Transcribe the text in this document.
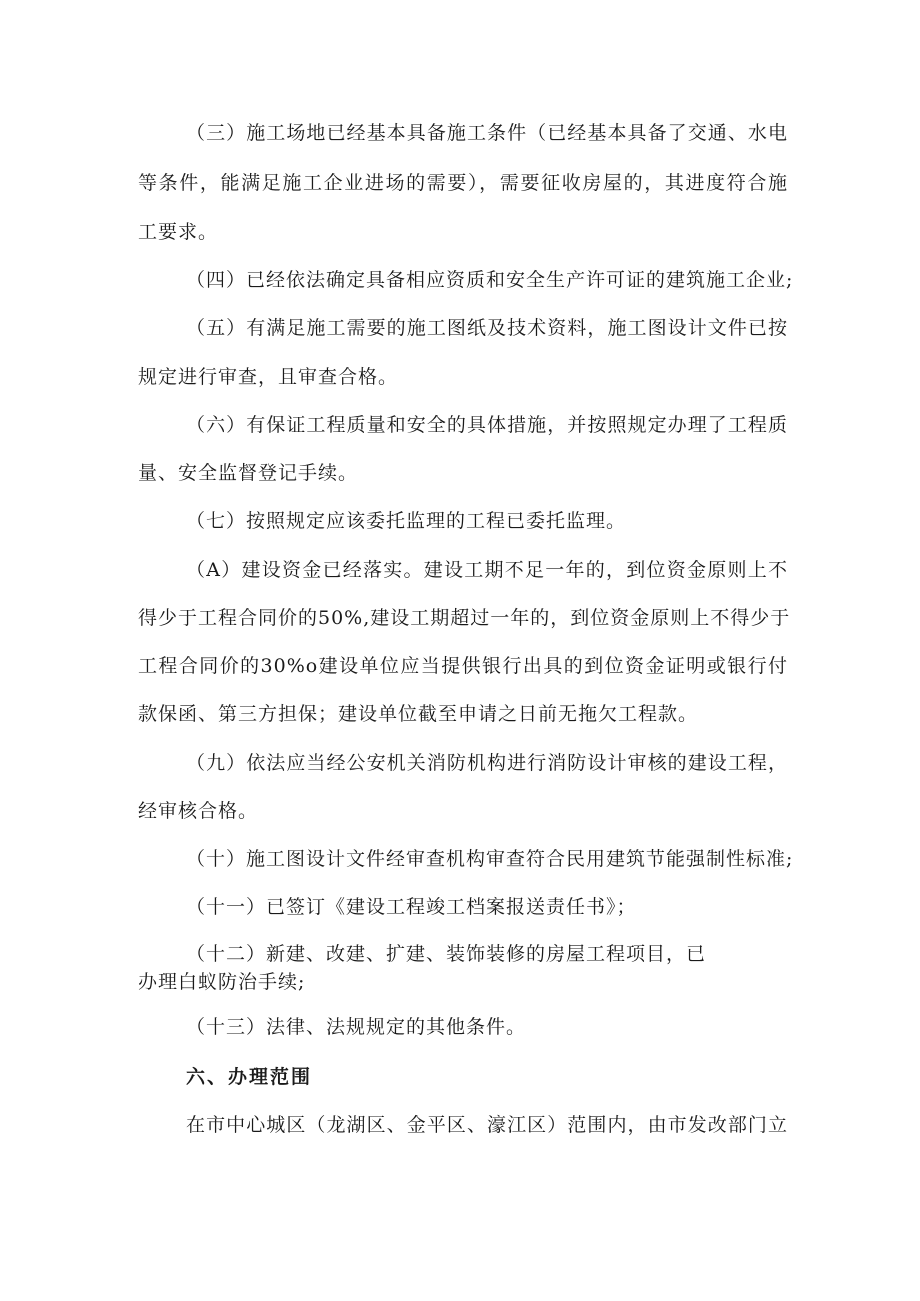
（三）施工场地已经基本具备施工条件（已经基本具备了交通、水电
等条件，能满足施工企业进场的需要），需要征收房屋的，其进度符合施
工要求。
（四）已经依法确定具备相应资质和安全生产许可证的建筑施工企业;
（五）有满足施工需要的施工图纸及技术资料，施工图设计文件已按
规定进行审查，且审查合格。
（六）有保证工程质量和安全的具体措施，并按照规定办理了工程质
量、安全监督登记手续。
（七）按照规定应该委托监理的工程已委托监理。
（A）建设资金已经落实。建设工期不足一年的，到位资金原则上不
得少于工程合同价的50%,建设工期超过一年的，到位资金原则上不得少于
工程合同价的30%o建设单位应当提供银行出具的到位资金证明或银行付
款保函、第三方担保；建设单位截至申请之日前无拖欠工程款。
（九）依法应当经公安机关消防机构进行消防设计审核的建设工程，
经审核合格。
（十）施工图设计文件经审查机构审查符合民用建筑节能强制性标准;
（十一）已签订《建设工程竣工档案报送责任书》；
（十二）新建、改建、扩建、装饰装修的房屋工程项目，已
办理白蚁防治手续;
（十三）法律、法规规定的其他条件。
六、办理范围
在市中心城区（龙湖区、金平区、濠江区）范围内，由市发改部门立
